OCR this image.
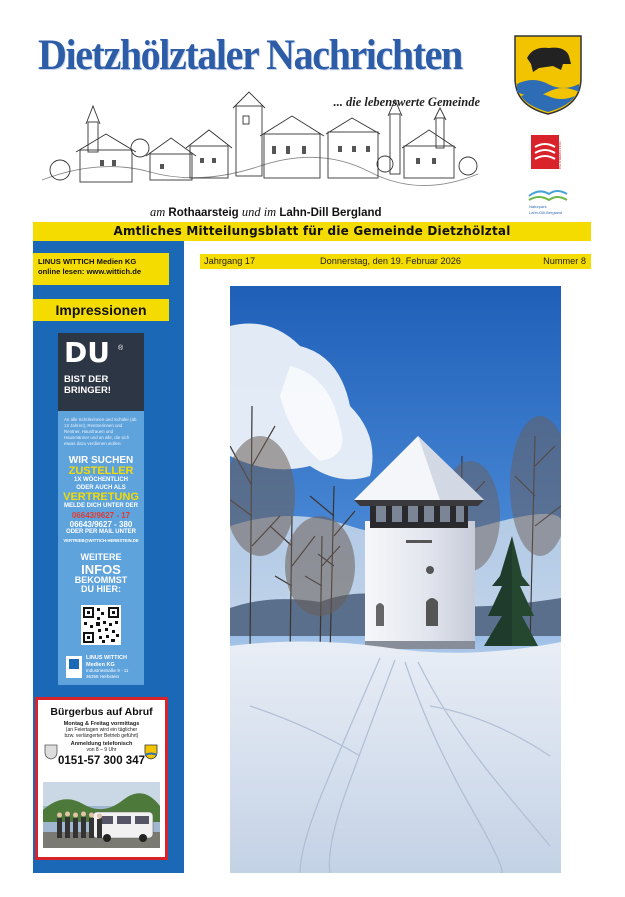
Dietzhölztaler Nachrichten
... die lebenswerte Gemeinde
ROTHAARSTEIG
Naturpark
Lahn-Dill-Bergland
am Rothaarsteig und im Lahn-Dill Bergland
Amtliches Mitteilungsblatt für die Gemeinde Dietzhölztal
LINUS WITTICH Medien KG
online lesen: www.wittich.de
Impressionen
DU ®
BIST DER
BRINGER!
An alle Schülerinnen und Schüler (ab 13 Jahren), Rentnerinnen und Rentner, Hausfrauen und Hausmänner und an alle, die sich etwas dazu verdienen wollen:
WIR SUCHEN
ZUSTELLER
1X WÖCHENTLICH
ODER AUCH ALS
VERTRETUNG
MELDE DICH UNTER DER
06643/9627 - 17
06643/9627 - 380
ODER PER MAIL UNTER
VERTRIEB@WITTICH-HERBSTEIN.DE
WEITERE
INFOS
BEKOMMST
DU HIER:
LINUS WITTICH
Medien KG
Industriestraße 9 - 11
36358 Herbstein
Bürgerbus auf Abruf
Montag & Freitag vormittags
(an Feiertagen wird ein täglicher
bzw. verlängerter Betrieb geführt)
Anmeldung telefonisch
von 8 – 9 Uhr
0151-57 300 347
Jahrgang 17	Donnerstag, den 19. Februar 2026	Nummer 8
